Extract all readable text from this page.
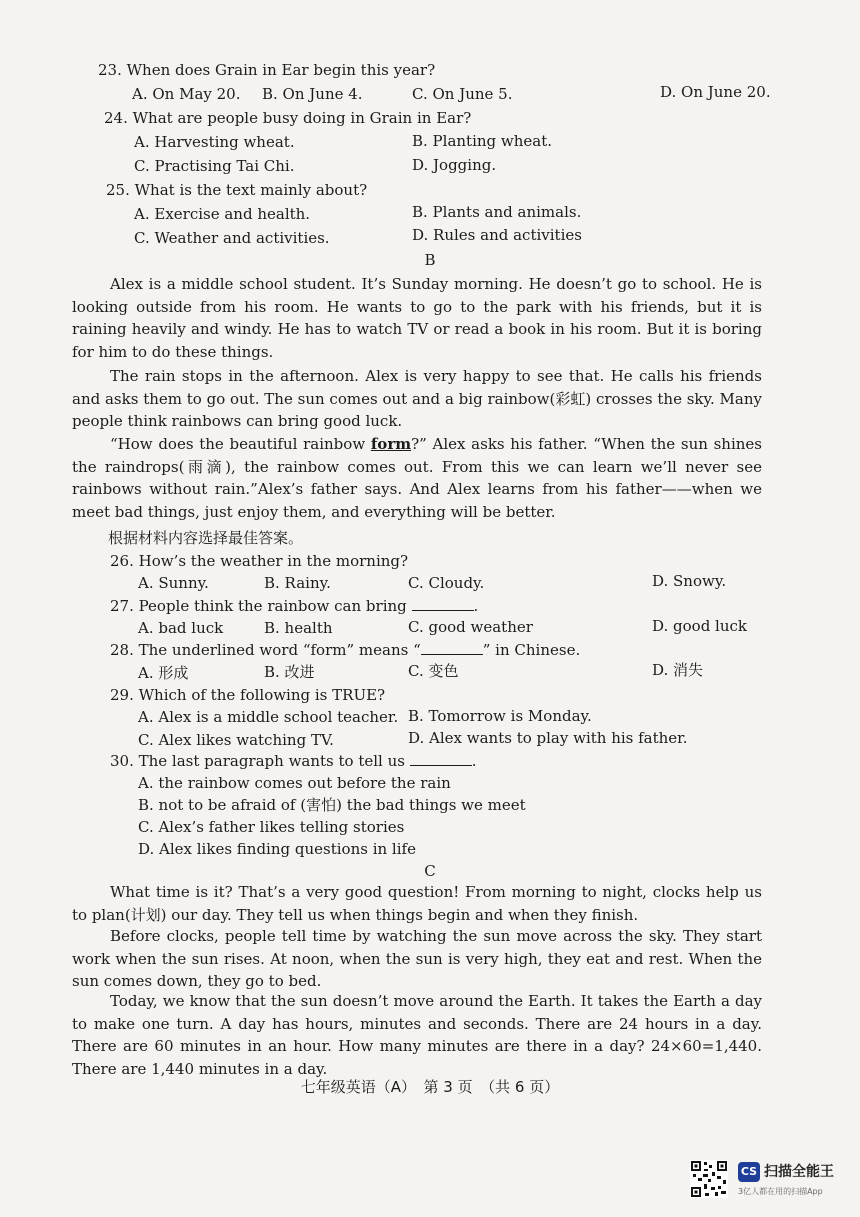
23. When does Grain in Ear begin this year?
A. On May 20. B. On June 4.	C. On June 5.	D. On June 20.
24. What are people busy doing in Grain in Ear?
A. Harvesting wheat.	B. Planting wheat.
C. Practising Tai Chi.	D. Jogging.
25. What is the text mainly about?
A. Exercise and health.	B. Plants and animals.
C. Weather and activities.	D. Rules and activities
B
Alex is a middle school student. It’s Sunday morning. He doesn’t go to school. He is looking outside from his room. He wants to go to the park with his friends, but it is raining heavily and windy. He has to watch TV or read a book in his room. But it is boring for him to do these things.
The rain stops in the afternoon. Alex is very happy to see that. He calls his friends and asks them to go out. The sun comes out and a big rainbow(彩虹) crosses the sky. Many people think rainbows can bring good luck.
“How does the beautiful rainbow form?” Alex asks his father. “When the sun shines the raindrops(雨滴), the rainbow comes out. From this we can learn we’ll never see rainbows without rain.”Alex’s father says. And Alex learns from his father——when we meet bad things, just enjoy them, and everything will be better.
根据材料内容选择最佳答案。
26. How’s the weather in the morning?
A. Sunny.	B. Rainy.	C. Cloudy.	D. Snowy.
27. People think the rainbow can bring	.
A. bad luck	B. health	C. good weather	D. good luck
28. The underlined word “form” means “	” in Chinese.
A. 形成	B. 改进	C. 变色	D. 消失
29. Which of the following is TRUE?
A. Alex is a middle school teacher. B. Tomorrow is Monday.
C. Alex likes watching TV.	D. Alex wants to play with his father.
30. The last paragraph wants to tell us	.
A. the rainbow comes out before the rain
B. not to be afraid of (害怕) the bad things we meet
C. Alex’s father likes telling stories
D. Alex likes finding questions in life
C
What time is it? That’s a very good question! From morning to night, clocks help us to plan(计划) our day. They tell us when things begin and when they finish.
Before clocks, people tell time by watching the sun move across the sky. They start work when the sun rises. At noon, when the sun is very high, they eat and rest. When the sun comes down, they go to bed.
Today, we know that the sun doesn’t move around the Earth. It takes the Earth a day to make one turn. A day has hours, minutes and seconds. There are 24 hours in a day. There are 60 minutes in an hour. How many minutes are there in a day? 24×60=1,440. There are 1,440 minutes in a day.
七年级英语（A）　第 3 页　（共 6 页）
CS 扫描全能王
3亿人都在用的扫描App
